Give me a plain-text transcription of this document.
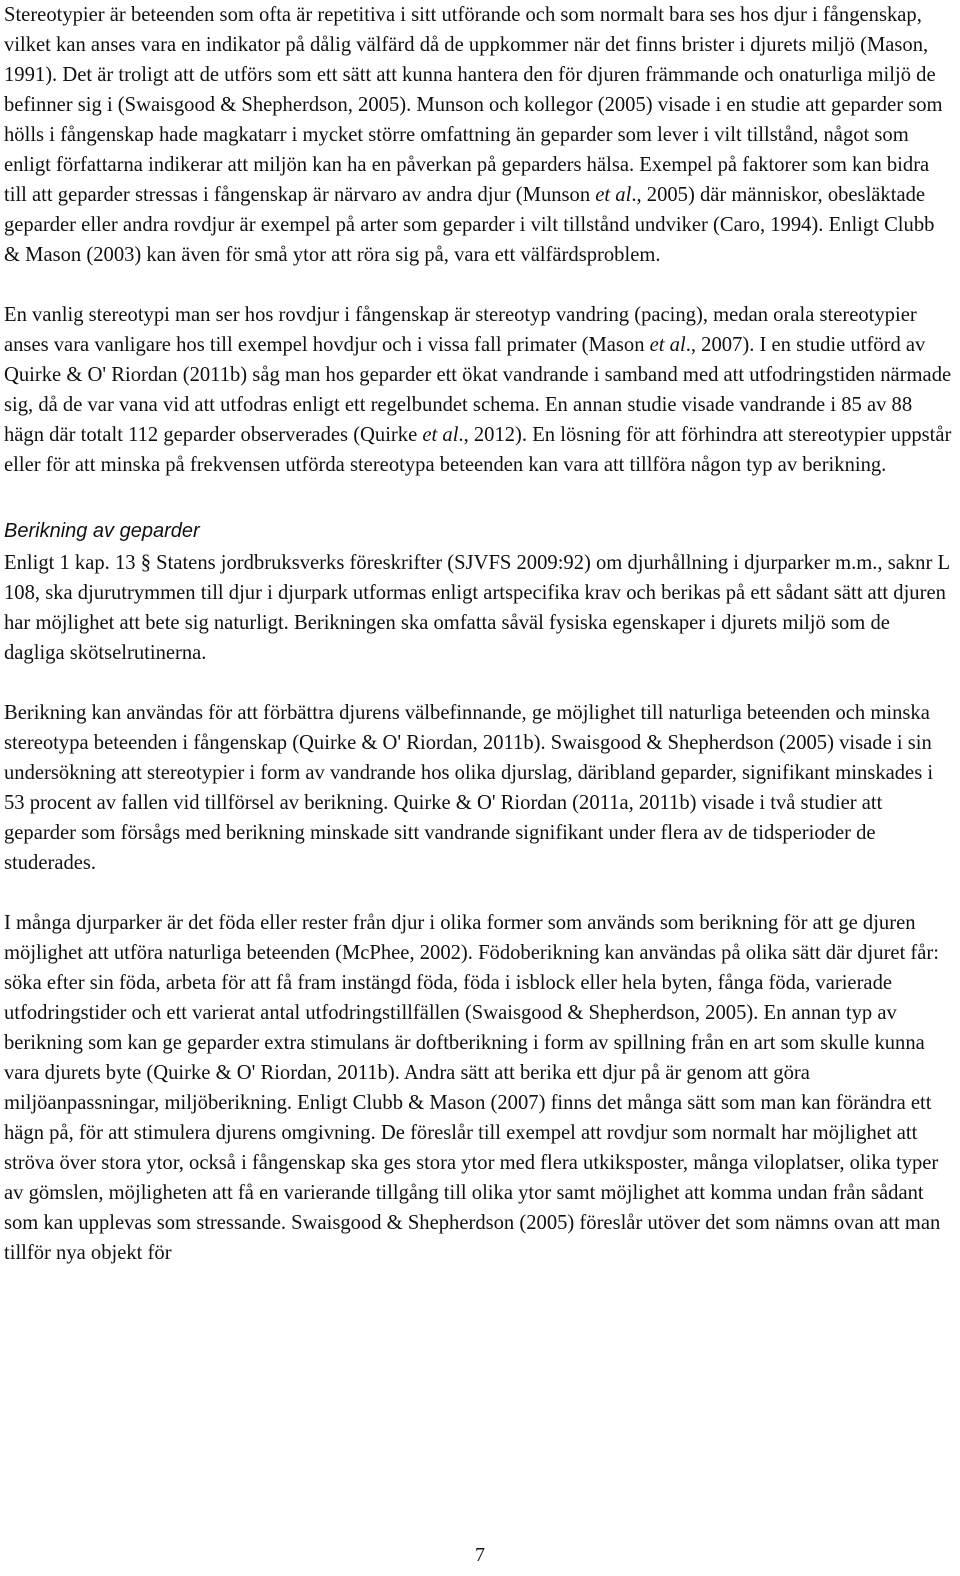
Stereotypier är beteenden som ofta är repetitiva i sitt utförande och som normalt bara ses hos djur i fångenskap, vilket kan anses vara en indikator på dålig välfärd då de uppkommer när det finns brister i djurets miljö (Mason, 1991). Det är troligt att de utförs som ett sätt att kunna hantera den för djuren främmande och onaturliga miljö de befinner sig i (Swaisgood & Shepherdson, 2005). Munson och kollegor (2005) visade i en studie att geparder som hölls i fångenskap hade magkatarr i mycket större omfattning än geparder som lever i vilt tillstånd, något som enligt författarna indikerar att miljön kan ha en påverkan på geparders hälsa. Exempel på faktorer som kan bidra till att geparder stressas i fångenskap är närvaro av andra djur (Munson et al., 2005) där människor, obesläktade geparder eller andra rovdjur är exempel på arter som geparder i vilt tillstånd undviker (Caro, 1994). Enligt Clubb & Mason (2003) kan även för små ytor att röra sig på, vara ett välfärdsproblem.

En vanlig stereotypi man ser hos rovdjur i fångenskap är stereotyp vandring (pacing), medan orala stereotypier anses vara vanligare hos till exempel hovdjur och i vissa fall primater (Mason et al., 2007). I en studie utförd av Quirke & O' Riordan (2011b) såg man hos geparder ett ökat vandrande i samband med att utfodringstiden närmade sig, då de var vana vid att utfodras enligt ett regelbundet schema. En annan studie visade vandrande i 85 av 88 hägn där totalt 112 geparder observerades (Quirke et al., 2012). En lösning för att förhindra att stereotypier uppstår eller för att minska på frekvensen utförda stereotypa beteenden kan vara att tillföra någon typ av berikning.

Berikning av geparder

Enligt 1 kap. 13 § Statens jordbruksverks föreskrifter (SJVFS 2009:92) om djurhållning i djurparker m.m., saknr L 108, ska djurutrymmen till djur i djurpark utformas enligt artspecifika krav och berikas på ett sådant sätt att djuren har möjlighet att bete sig naturligt. Berikningen ska omfatta såväl fysiska egenskaper i djurets miljö som de dagliga skötselrutinerna.

Berikning kan användas för att förbättra djurens välbefinnande, ge möjlighet till naturliga beteenden och minska stereotypa beteenden i fångenskap (Quirke & O' Riordan, 2011b). Swaisgood & Shepherdson (2005) visade i sin undersökning att stereotypier i form av vandrande hos olika djurslag, däribland geparder, signifikant minskades i 53 procent av fallen vid tillförsel av berikning. Quirke & O' Riordan (2011a, 2011b) visade i två studier att geparder som försågs med berikning minskade sitt vandrande signifikant under flera av de tidsperioder de studerades.

I många djurparker är det föda eller rester från djur i olika former som används som berikning för att ge djuren möjlighet att utföra naturliga beteenden (McPhee, 2002). Födoberikning kan användas på olika sätt där djuret får: söka efter sin föda, arbeta för att få fram instängd föda, föda i isblock eller hela byten, fånga föda, varierade utfodringstider och ett varierat antal utfodringstillfällen (Swaisgood & Shepherdson, 2005). En annan typ av berikning som kan ge geparder extra stimulans är doftberikning i form av spillning från en art som skulle kunna vara djurets byte (Quirke & O' Riordan, 2011b). Andra sätt att berika ett djur på är genom att göra miljöanpassningar, miljöberikning. Enligt Clubb & Mason (2007) finns det många sätt som man kan förändra ett hägn på, för att stimulera djurens omgivning. De föreslår till exempel att rovdjur som normalt har möjlighet att ströva över stora ytor, också i fångenskap ska ges stora ytor med flera utkiksposter, många viloplatser, olika typer av gömslen, möjligheten att få en varierande tillgång till olika ytor samt möjlighet att komma undan från sådant som kan upplevas som stressande. Swaisgood & Shepherdson (2005) föreslår utöver det som nämns ovan att man tillför nya objekt för

7
